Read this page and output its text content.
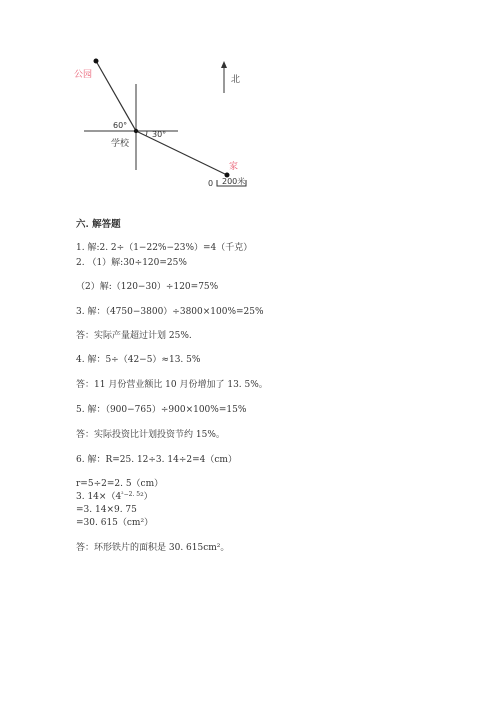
公园
60°
30°
学校
家
北
0 200米
六. 解答题
1. 解:2. 2÷（1−22%−23%）=4（千克）
2. （1）解:30÷120=25%
（2）解:（120−30）÷120=75%
3. 解：（4750−3800）÷3800×100%=25%
答：实际产量超过计划 25%.
4. 解：5÷（42−5）≈13. 5%
答：11 月份营业额比 10 月份增加了 13. 5%。
5. 解：（900−765）÷900×100%=15%
答：实际投资比计划投资节约 15%。
6. 解：R=25. 12÷3. 14÷2=4（cm）
r=5÷2=2. 5（cm）
3. $14\times(4^{^2-2. 5}^2)$
=3. 14×9. 75
=30. 615（cm²）
答：环形铁片的面积是 30. 615cm²。
